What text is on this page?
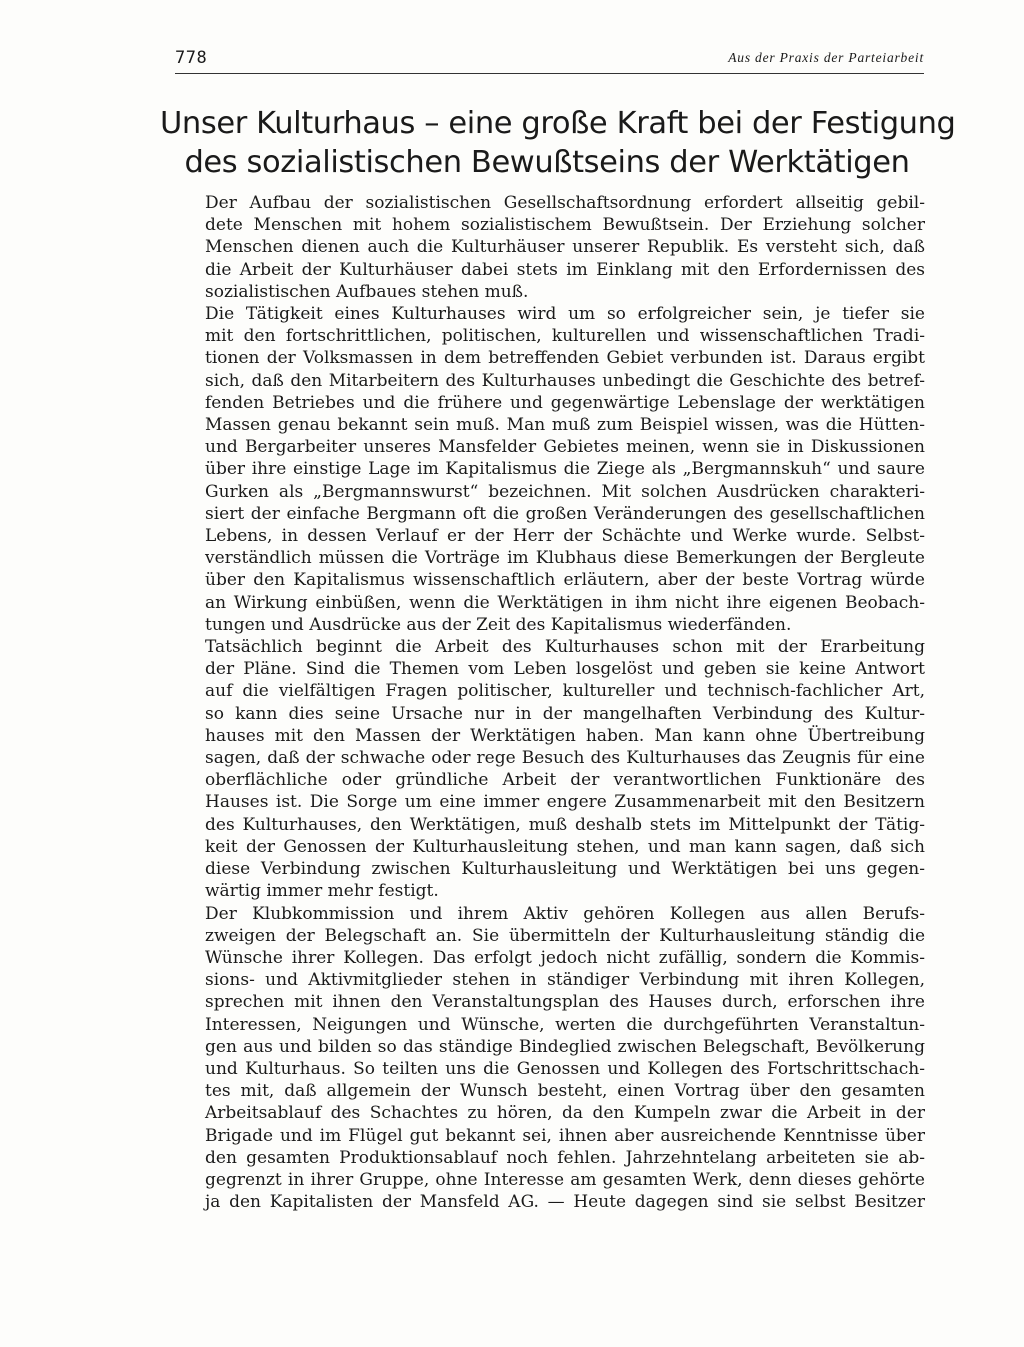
778	Aus der Praxis der Parteiarbeit
Unser Kulturhaus – eine große Kraft bei der Festigung
des sozialistischen Bewußtseins der Werktätigen

Der Aufbau der sozialistischen Gesellschaftsordnung erfordert allseitig gebil-
dete Menschen mit hohem sozialistischem Bewußtsein. Der Erziehung solcher
Menschen dienen auch die Kulturhäuser unserer Republik. Es versteht sich, daß
die Arbeit der Kulturhäuser dabei stets im Einklang mit den Erfordernissen des
sozialistischen Aufbaues stehen muß.

Die Tätigkeit eines Kulturhauses wird um so erfolgreicher sein, je tiefer sie
mit den fortschrittlichen, politischen, kulturellen und wissenschaftlichen Tradi-
tionen der Volksmassen in dem betreffenden Gebiet verbunden ist. Daraus ergibt
sich, daß den Mitarbeitern des Kulturhauses unbedingt die Geschichte des betref-
fenden Betriebes und die frühere und gegenwärtige Lebenslage der werktätigen
Massen genau bekannt sein muß. Man muß zum Beispiel wissen, was die Hütten-
und Bergarbeiter unseres Mansfelder Gebietes meinen, wenn sie in Diskussionen
über ihre einstige Lage im Kapitalismus die Ziege als „Bergmannskuh“ und saure
Gurken als „Bergmannswurst“ bezeichnen. Mit solchen Ausdrücken charakteri-
siert der einfache Bergmann oft die großen Veränderungen des gesellschaftlichen
Lebens, in dessen Verlauf er der Herr der Schächte und Werke wurde. Selbst-
verständlich müssen die Vorträge im Klubhaus diese Bemerkungen der Bergleute
über den Kapitalismus wissenschaftlich erläutern, aber der beste Vortrag würde
an Wirkung einbüßen, wenn die Werktätigen in ihm nicht ihre eigenen Beobach-
tungen und Ausdrücke aus der Zeit des Kapitalismus wiederfänden.

Tatsächlich beginnt die Arbeit des Kulturhauses schon mit der Erarbeitung
der Pläne. Sind die Themen vom Leben losgelöst und geben sie keine Antwort
auf die vielfältigen Fragen politischer, kultureller und technisch-fachlicher Art,
so kann dies seine Ursache nur in der mangelhaften Verbindung des Kultur-
hauses mit den Massen der Werktätigen haben. Man kann ohne Übertreibung
sagen, daß der schwache oder rege Besuch des Kulturhauses das Zeugnis für eine
oberflächliche oder gründliche Arbeit der verantwortlichen Funktionäre des
Hauses ist. Die Sorge um eine immer engere Zusammenarbeit mit den Besitzern
des Kulturhauses, den Werktätigen, muß deshalb stets im Mittelpunkt der Tätig-
keit der Genossen der Kulturhausleitung stehen, und man kann sagen, daß sich
diese Verbindung zwischen Kulturhausleitung und Werktätigen bei uns gegen-
wärtig immer mehr festigt.

Der Klubkommission und ihrem Aktiv gehören Kollegen aus allen Berufs-
zweigen der Belegschaft an. Sie übermitteln der Kulturhausleitung ständig die
Wünsche ihrer Kollegen. Das erfolgt jedoch nicht zufällig, sondern die Kommis-
sions- und Aktivmitglieder stehen in ständiger Verbindung mit ihren Kollegen,
sprechen mit ihnen den Veranstaltungsplan des Hauses durch, erforschen ihre
Interessen, Neigungen und Wünsche, werten die durchgeführten Veranstaltun-
gen aus und bilden so das ständige Bindeglied zwischen Belegschaft, Bevölkerung
und Kulturhaus. So teilten uns die Genossen und Kollegen des Fortschrittschach-
tes mit, daß allgemein der Wunsch besteht, einen Vortrag über den gesamten
Arbeitsablauf des Schachtes zu hören, da den Kumpeln zwar die Arbeit in der
Brigade und im Flügel gut bekannt sei, ihnen aber ausreichende Kenntnisse über
den gesamten Produktionsablauf noch fehlen. Jahrzehntelang arbeiteten sie ab-
gegrenzt in ihrer Gruppe, ohne Interesse am gesamten Werk, denn dieses gehörte
ja den Kapitalisten der Mansfeld AG. — Heute dagegen sind sie selbst Besitzer
